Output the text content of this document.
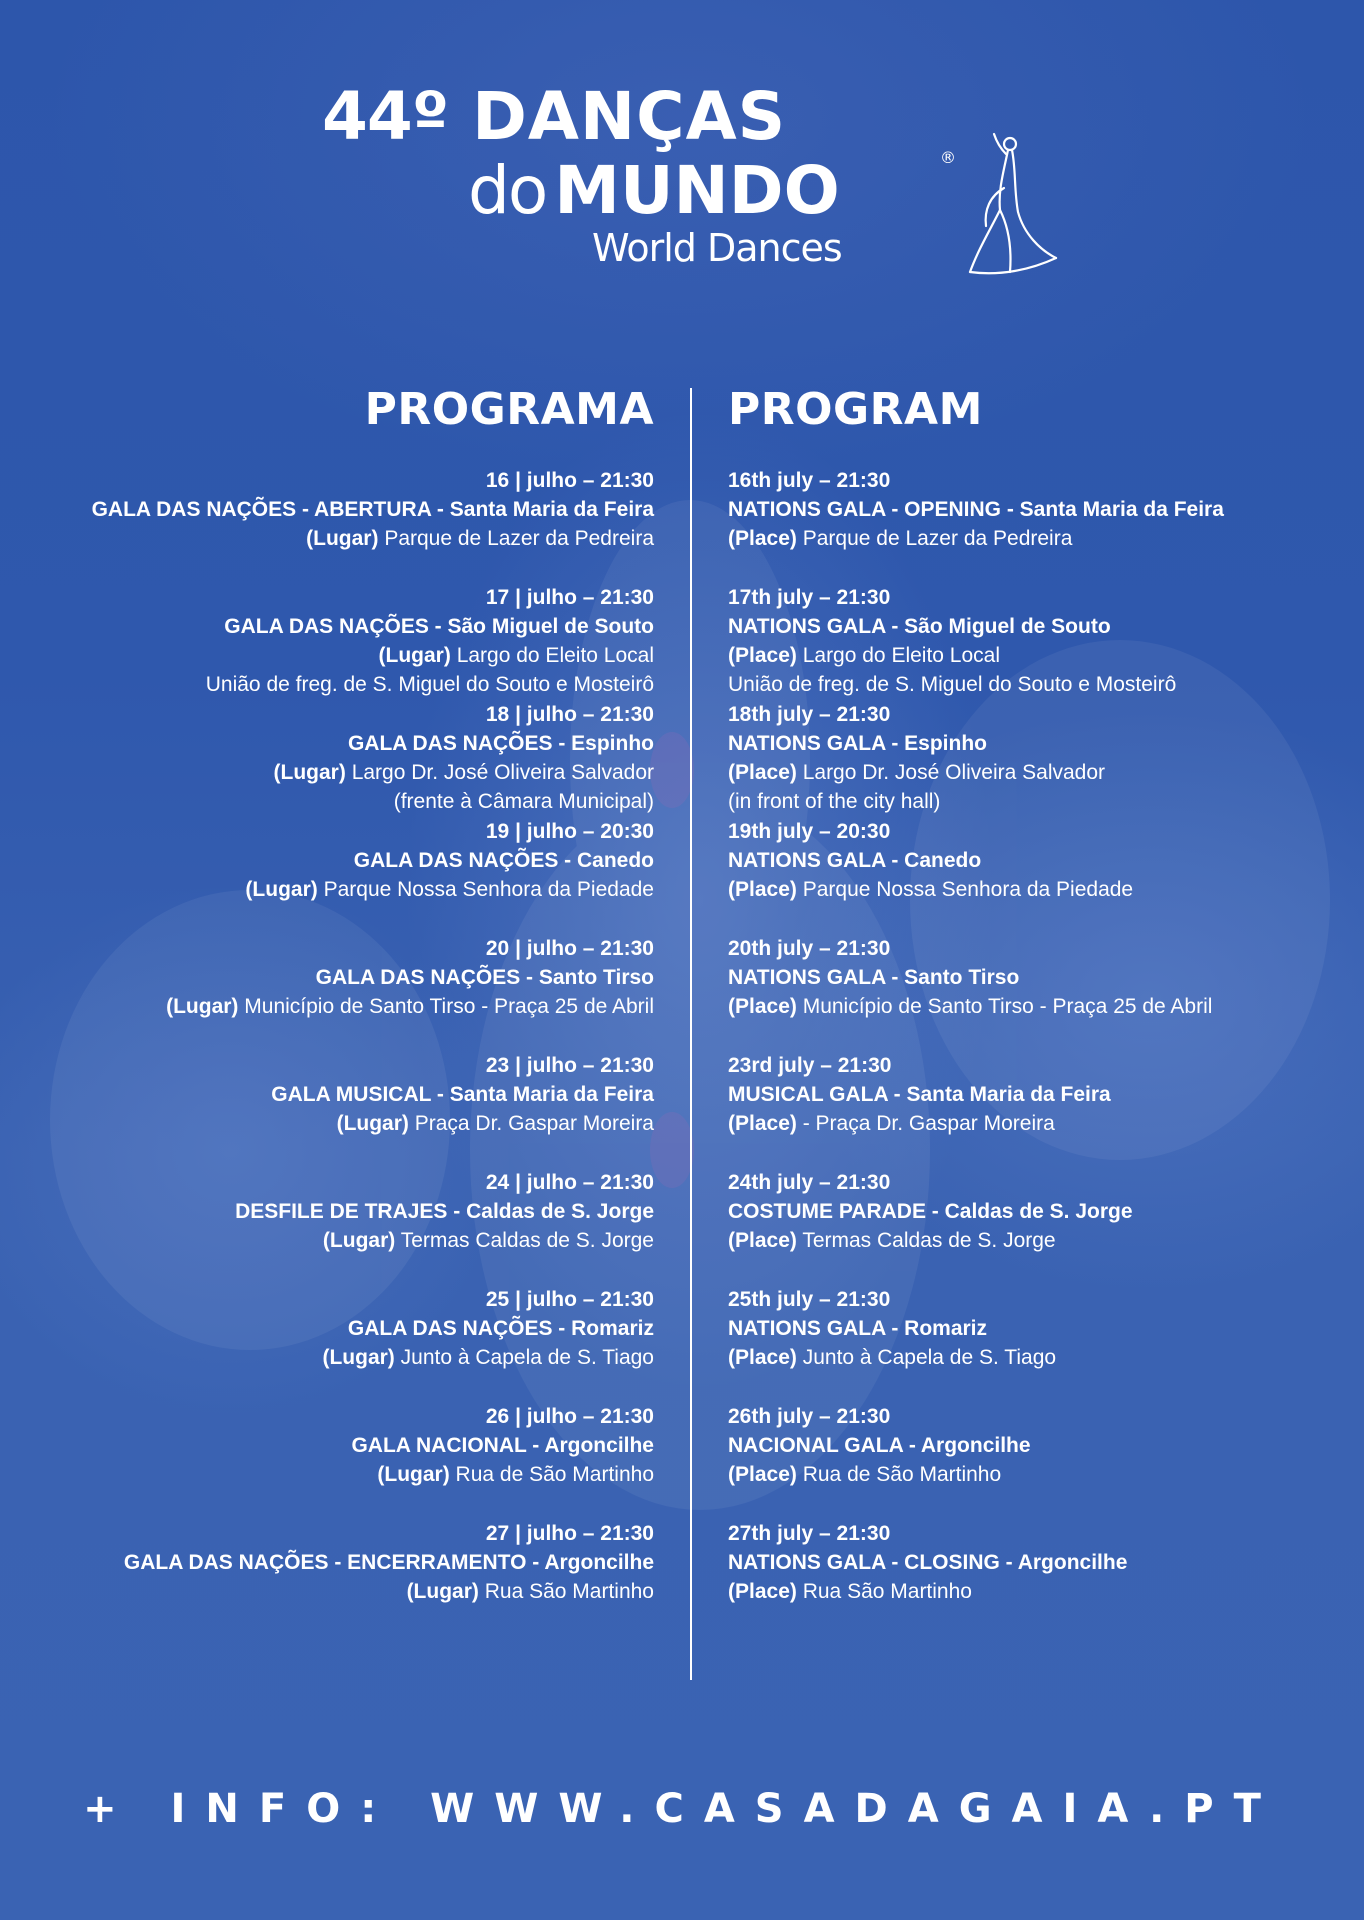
44º DANÇAS
do MUNDO	®
World Dances
PROGRAMA
16 | julho – 21:30
GALA DAS NAÇÕES - ABERTURA - Santa Maria da Feira
(Lugar) Parque de Lazer da Pedreira
17 | julho – 21:30
GALA DAS NAÇÕES - São Miguel de Souto
(Lugar) Largo do Eleito Local
União de freg. de S. Miguel do Souto e Mosteirô
18 | julho – 21:30
GALA DAS NAÇÕES - Espinho
(Lugar) Largo Dr. José Oliveira Salvador
(frente à Câmara Municipal)
19 | julho – 20:30
GALA DAS NAÇÕES - Canedo
(Lugar) Parque Nossa Senhora da Piedade
20 | julho – 21:30
GALA DAS NAÇÕES - Santo Tirso
(Lugar) Município de Santo Tirso - Praça 25 de Abril
23 | julho – 21:30
GALA MUSICAL - Santa Maria da Feira
(Lugar) Praça Dr. Gaspar Moreira
24 | julho – 21:30
DESFILE DE TRAJES - Caldas de S. Jorge
(Lugar) Termas Caldas de S. Jorge
25 | julho – 21:30
GALA DAS NAÇÕES - Romariz
(Lugar) Junto à Capela de S. Tiago
26 | julho – 21:30
GALA NACIONAL - Argoncilhe
(Lugar) Rua de São Martinho
27 | julho – 21:30
GALA DAS NAÇÕES - ENCERRAMENTO - Argoncilhe
(Lugar) Rua São Martinho
PROGRAM
16th july – 21:30
NATIONS GALA - OPENING - Santa Maria da Feira
(Place) Parque de Lazer da Pedreira
17th july – 21:30
NATIONS GALA - São Miguel de Souto
(Place) Largo do Eleito Local
União de freg. de S. Miguel do Souto e Mosteirô
18th july – 21:30
NATIONS GALA - Espinho
(Place) Largo Dr. José Oliveira Salvador
(in front of the city hall)
19th july – 20:30
NATIONS GALA - Canedo
(Place) Parque Nossa Senhora da Piedade
20th july – 21:30
NATIONS GALA - Santo Tirso
(Place) Município de Santo Tirso - Praça 25 de Abril
23rd july – 21:30
MUSICAL GALA - Santa Maria da Feira
(Place) - Praça Dr. Gaspar Moreira
24th july – 21:30
COSTUME PARADE - Caldas de S. Jorge
(Place) Termas Caldas de S. Jorge
25th july – 21:30
NATIONS GALA - Romariz
(Place) Junto à Capela de S. Tiago
26th july – 21:30
NACIONAL GALA - Argoncilhe
(Place) Rua de São Martinho
27th july – 21:30
NATIONS GALA - CLOSING - Argoncilhe
(Place) Rua São Martinho
+ INFO: WWW.CASADAGAIA.PT
